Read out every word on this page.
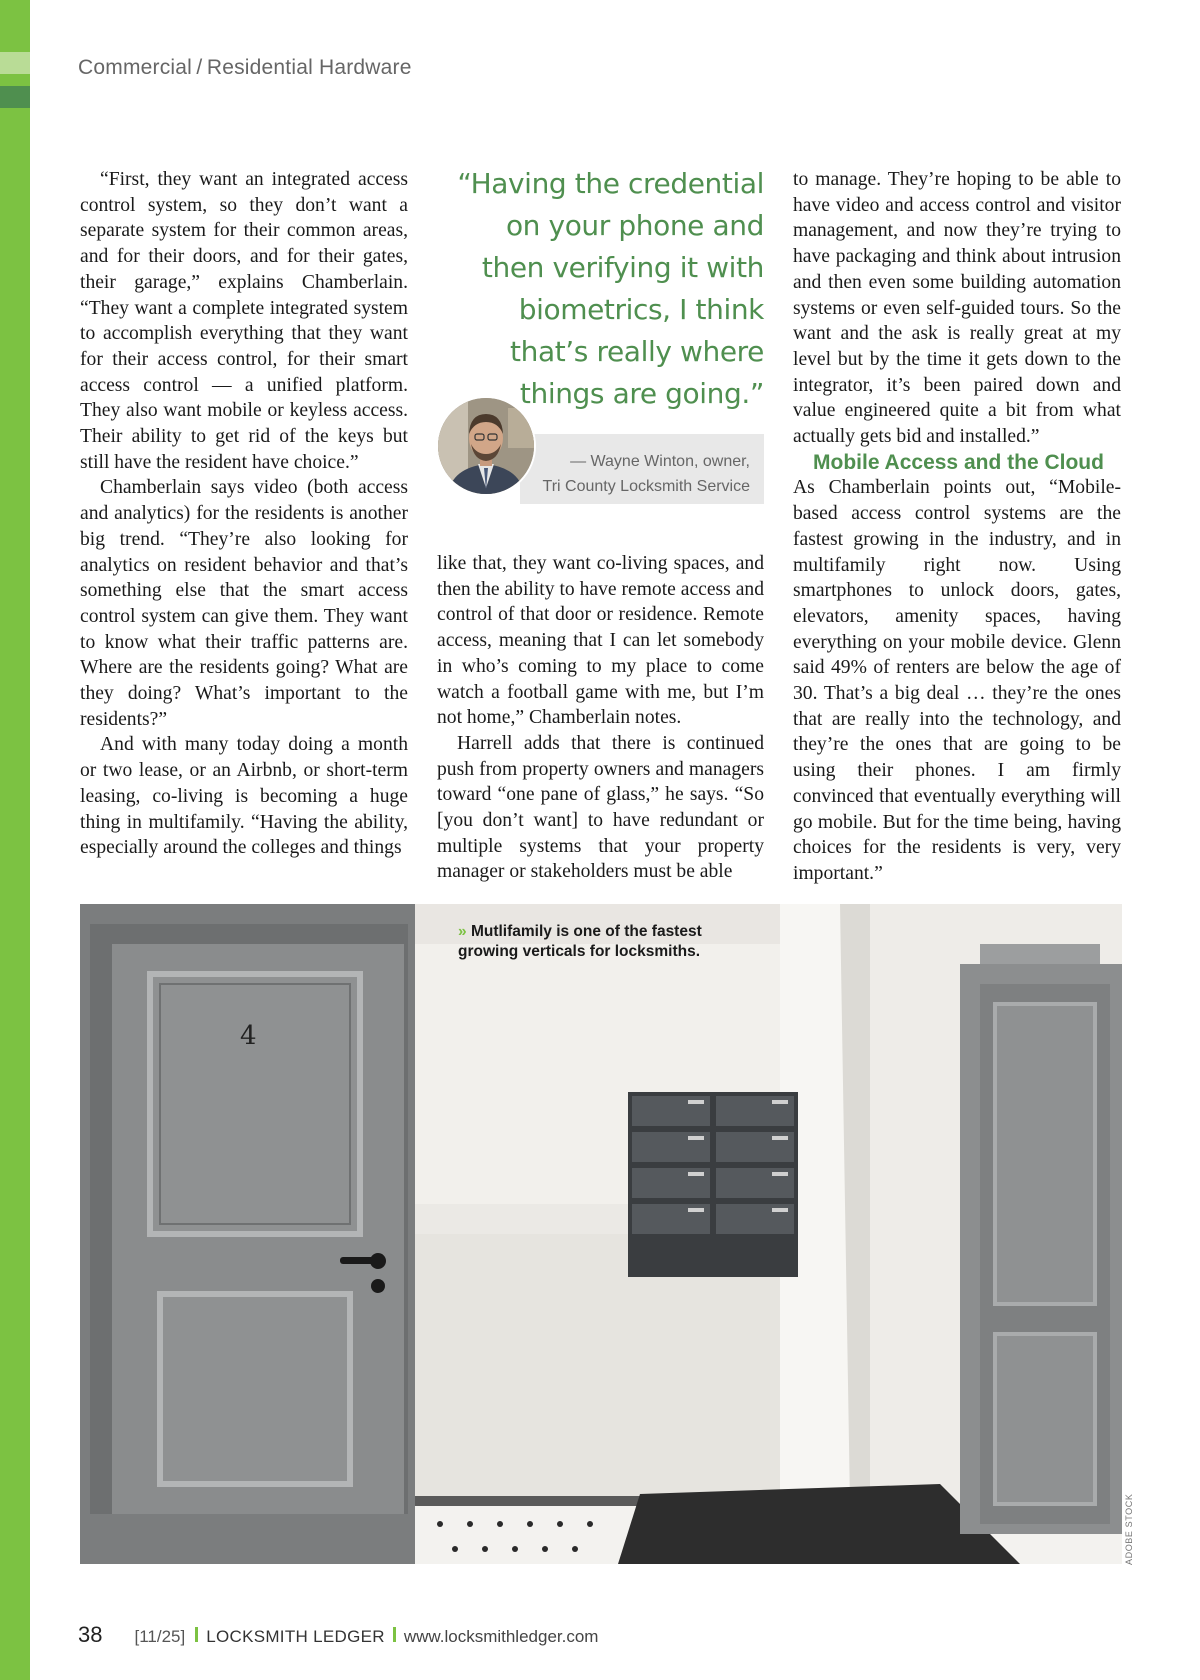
Commercial / Residential Hardware

“First, they want an integrated access control system, so they don’t want a separate system for their common areas, and for their doors, and for their gates, their garage,” explains Chamberlain. “They want a complete integrated system to accomplish everything that they want for their access control, for their smart access control — a unified platform. They also want mobile or keyless access. Their ability to get rid of the keys but still have the resident have choice.”

Chamberlain says video (both access and analytics) for the residents is another big trend. “They’re also looking for analytics on resident behavior and that’s something else that the smart access control system can give them. They want to know what their traffic patterns are. Where are the residents going? What are they doing? What’s important to the residents?”

And with many today doing a month or two lease, or an Airbnb, or short-term leasing, co-living is becoming a huge thing in multifamily. “Having the ability, especially around the colleges and things

“Having the credential on your phone and then verifying it with biometrics, I think that’s really where things are going.”
— Wayne Winton, owner,
Tri County Locksmith Service

like that, they want co-living spaces, and then the ability to have remote access and control of that door or residence. Remote access, meaning that I can let somebody in who’s coming to my place to come watch a football game with me, but I’m not home,” Chamberlain notes.

Harrell adds that there is continued push from property owners and managers toward “one pane of glass,” he says. “So [you don’t want] to have redundant or multiple systems that your property manager or stakeholders must be able

to manage. They’re hoping to be able to have video and access control and visitor management, and now they’re trying to have packaging and think about intrusion and then even some building automation systems or even self-guided tours. So the want and the ask is really great at my level but by the time it gets down to the integrator, it’s been paired down and value engineered quite a bit from what actually gets bid and installed.”

Mobile Access and the Cloud

As Chamberlain points out, “Mobile-based access control systems are the fastest growing in the industry, and in multifamily right now. Using smartphones to unlock doors, gates, elevators, amenity spaces, having everything on your mobile device. Glenn said 49% of renters are below the age of 30. That’s a big deal … they’re the ones that are really into the technology, and they’re the ones that are going to be using their phones. I am firmly convinced that eventually everything will go mobile. But for the time being, having choices for the residents is very, very important.”

4
» Mutlifamily is one of the fastest growing verticals for locksmiths.
ADOBE STOCK
38 [11/25] LOCKSMITH LEDGER www.locksmithledger.com
